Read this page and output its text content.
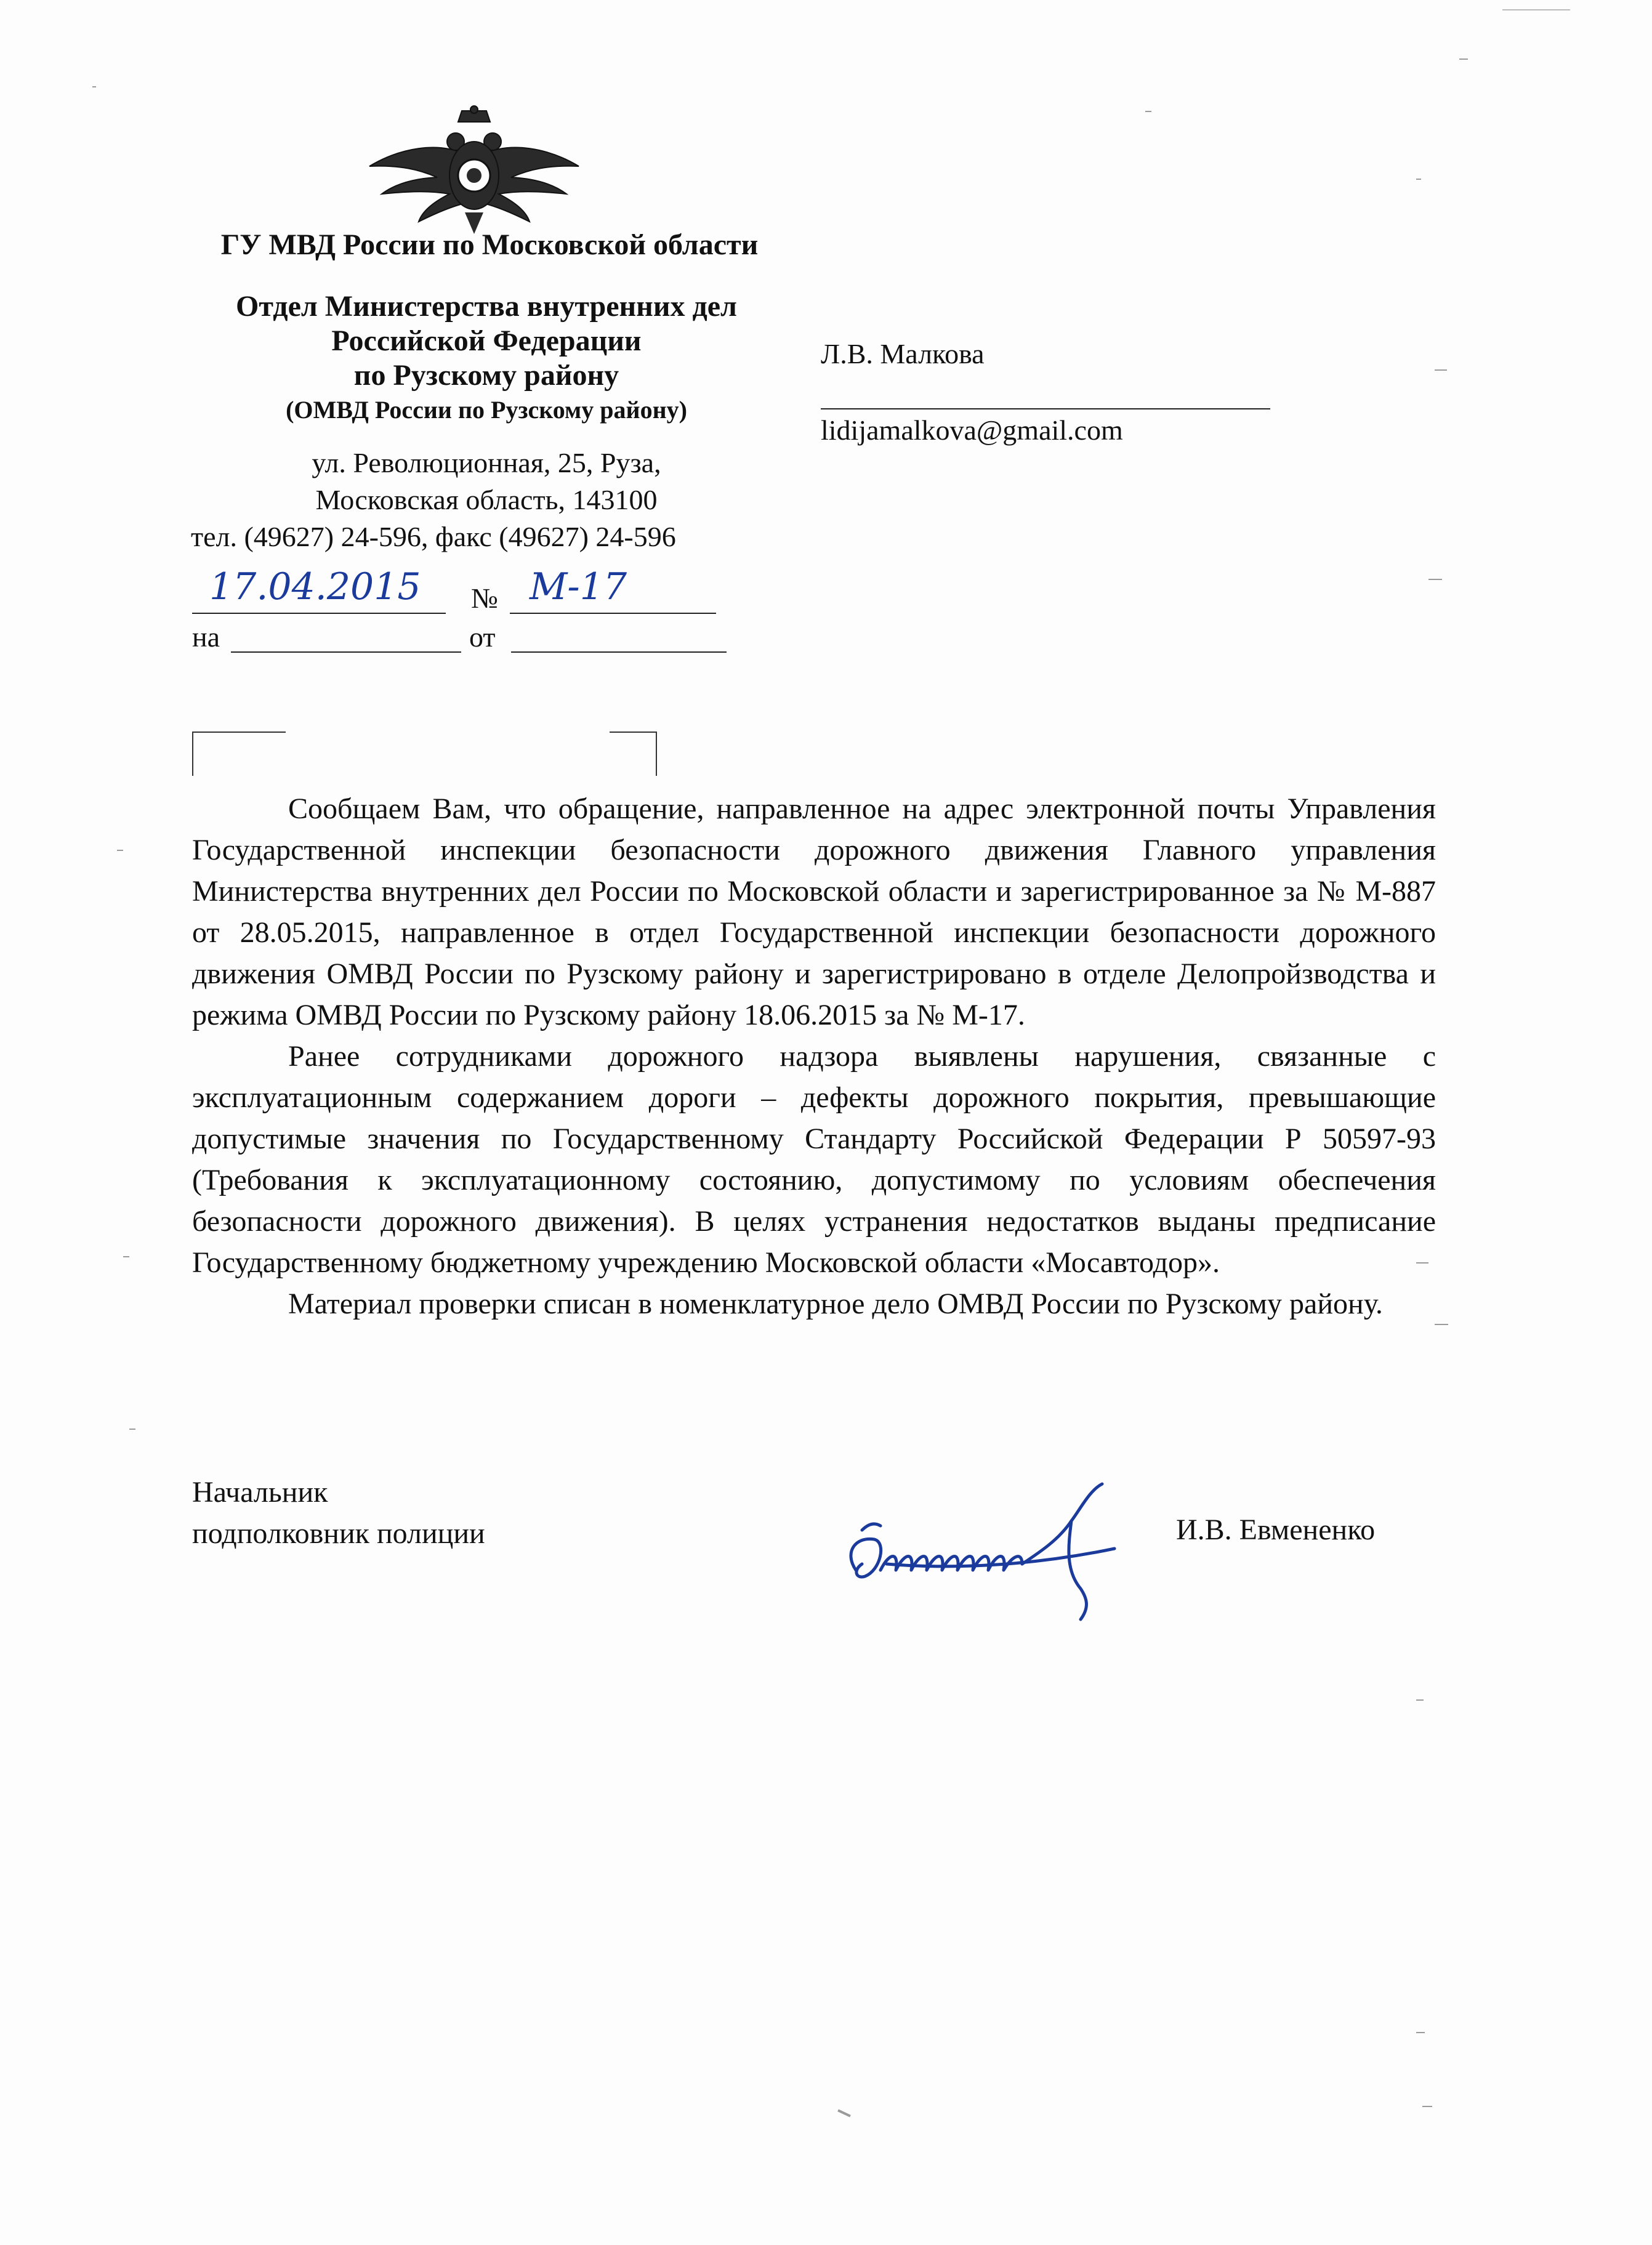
ГУ МВД России по Московской области
Отдел Министерства внутренних дел
Российской Федерации
по Рузскому району
(ОМВД России по Рузскому району)
ул. Революционная, 25, Руза,
Московская область, 143100
тел. (49627) 24-596, факс (49627) 24-596
17.04.2015 № М-17
на	от
Л.В. Малкова
lidijamalkova@gmail.com

Сообщаем Вам, что обращение, направленное на адрес электронной почты Управления Государственной инспекции безопасности дорожного движения Главного управления Министерства внутренних дел России по Московской области и зарегистрированное за № М-887 от 28.05.2015, направленное в отдел Государственной инспекции безопасности дорожного движения ОМВД России по Рузскому району и зарегистрировано в отделе Делопройзводства и режима ОМВД России по Рузскому району 18.06.2015 за № М-17.

Ранее сотрудниками дорожного надзора выявлены нарушения, связанные с эксплуатационным содержанием дороги – дефекты дорожного покрытия, превышающие допустимые значения по Государственному Стандарту Российской Федерации Р 50597-93 (Требования к эксплуатационному состоянию, допустимому по условиям обеспечения безопасности дорожного движения). В целях устранения недостатков выданы предписание Государственному бюджетному учреждению Московской области «Мосавтодор».

Материал проверки списан в номенклатурное дело ОМВД России по Рузскому району.

Начальник
подполковник полиции	И.В. Евмененко
